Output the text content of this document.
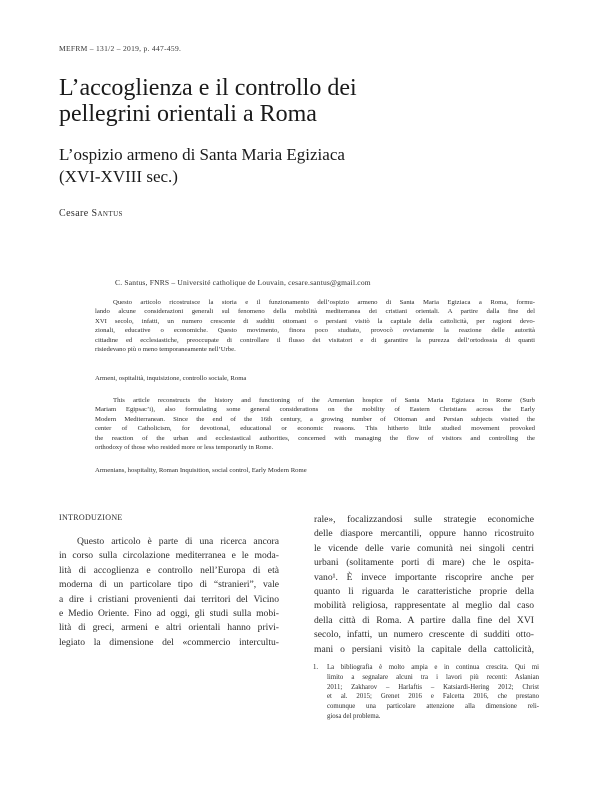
MEFRM – 131/2 – 2019, p. 447-459.
L’accoglienza e il controllo dei
pellegrini orientali a Roma
L’ospizio armeno di Santa Maria Egiziaca
(XVI-XVIII sec.)
Cesare Santus
C. Santus, FNRS – Université catholique de Louvain, cesare.santus@gmail.com
Questo articolo ricostruisce la storia e il funzionamento dell’ospizio armeno di Santa Maria Egiziaca a Roma, formu-
lando alcune considerazioni generali sul fenomeno della mobilità mediterranea dei cristiani orientali. A partire dalla fine del
XVI secolo, infatti, un numero crescente di sudditi ottomani o persiani visitò la capitale della cattolicità, per ragioni devo-
zionali, educative o economiche. Questo movimento, finora poco studiato, provocò ovviamente la reazione delle autorità
cittadine ed ecclesiastiche, preoccupate di controllare il flusso dei visitatori e di garantire la purezza dell’ortodossia di quanti
risiedevano più o meno temporaneamente nell’Urbe.
Armeni, ospitalità, inquisizione, controllo sociale, Roma
This article reconstructs the history and functioning of the Armenian hospice of Santa Maria Egiziaca in Rome (Surb
Mariam Egipsac’i), also formulating some general considerations on the mobility of Eastern Christians across the Early
Modern Mediterranean. Since the end of the 16th century, a growing number of Ottoman and Persian subjects visited the
center of Catholicism, for devotional, educational or economic reasons. This hitherto little studied movement provoked
the reaction of the urban and ecclesiastical authorities, concerned with managing the flow of visitors and controlling the
orthodoxy of those who resided more or less temporarily in Rome.
Armenians, hospitality, Roman Inquisition, social control, Early Modern Rome
INTRODUZIONE
Questo articolo è parte di una ricerca ancora
in corso sulla circolazione mediterranea e le moda-
lità di accoglienza e controllo nell’Europa di età
moderna di un particolare tipo di “stranieri”, vale
a dire i cristiani provenienti dai territori del Vicino
e Medio Oriente. Fino ad oggi, gli studi sulla mobi-
lità di greci, armeni e altri orientali hanno privi-
legiato la dimensione del «commercio intercultu-
rale», focalizzandosi sulle strategie economiche
delle diaspore mercantili, oppure hanno ricostruito
le vicende delle varie comunità nei singoli centri
urbani (solitamente porti di mare) che le ospita-
vano¹. È invece importante riscoprire anche per
quanto li riguarda le caratteristiche proprie della
mobilità religiosa, rappresentate al meglio dal caso
della città di Roma. A partire dalla fine del XVI
secolo, infatti, un numero crescente di sudditi otto-
mani o persiani visitò la capitale della cattolicità,
1. La bibliografia è molto ampia e in continua crescita. Qui mi
limito a segnalare alcuni tra i lavori più recenti: Aslanian
2011; Zakharov – Harlaftis – Katsiardi-Hering 2012; Christ
et al. 2015; Grenet 2016 e Falcetta 2016, che prestano
comunque una particolare attenzione alla dimensione reli-
giosa del problema.
